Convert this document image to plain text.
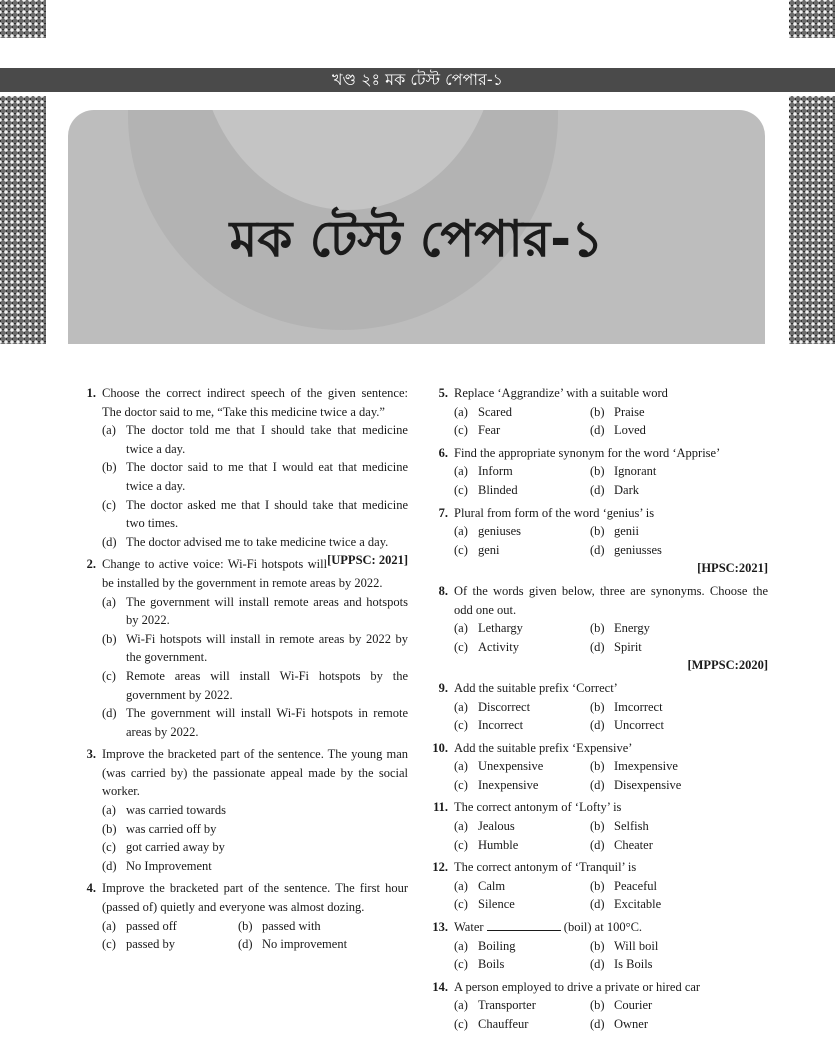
খণ্ড ২ঃ মক টেস্ট পেপার-১
মক টেস্ট পেপার-১
1. Choose the correct indirect speech of the given sentence: The doctor said to me, “Take this medicine twice a day.”
(a) The doctor told me that I should take that medicine twice a day.
(b) The doctor said to me that I would eat that medicine twice a day.
(c) The doctor asked me that I should take that medicine two times.
(d) The doctor advised me to take medicine twice a day.
[UPPSC: 2021]
2. Change to active voice: Wi-Fi hotspots will be installed by the government in remote areas by 2022.
(a) The government will install remote areas and hotspots by 2022.
(b) Wi-Fi hotspots will install in remote areas by 2022 by the government.
(c) Remote areas will install Wi-Fi hotspots by the government by 2022.
(d) The government will install Wi-Fi hotspots in remote areas by 2022.
3. Improve the bracketed part of the sentence. The young man (was carried by) the passionate appeal made by the social worker.
(a) was carried towards
(b) was carried off by
(c) got carried away by
(d) No Improvement
4. Improve the bracketed part of the sentence. The first hour (passed of) quietly and everyone was almost dozing.
(a) passed off	(b) passed with
(c) passed by	(d) No improvement
5. Replace ‘Aggrandize’ with a suitable word
(a) Scared	(b) Praise
(c) Fear	(d) Loved
6. Find the appropriate synonym for the word ‘Apprise’
(a) Inform	(b) Ignorant
(c) Blinded	(d) Dark
7. Plural from form of the word ‘genius’ is
(a) geniuses	(b) genii
(c) geni	(d) geniusses
[HPSC:2021]
8. Of the words given below, three are synonyms. Choose the odd one out.
(a) Lethargy	(b) Energy
(c) Activity	(d) Spirit
[MPPSC:2020]
9. Add the suitable prefix ‘Correct’
(a) Discorrect	(b) Imcorrect
(c) Incorrect	(d) Uncorrect
10. Add the suitable prefix ‘Expensive’
(a) Unexpensive	(b) Imexpensive
(c) Inexpensive	(d) Disexpensive
11. The correct antonym of ‘Lofty’ is
(a) Jealous	(b) Selfish
(c) Humble	(d) Cheater
12. The correct antonym of ‘Tranquil’ is
(a) Calm	(b) Peaceful
(c) Silence	(d) Excitable
13. Water	(boil) at 100°C.
(a) Boiling	(b) Will boil
(c) Boils	(d) Is Boils
14. A person employed to drive a private or hired car
(a) Transporter	(b) Courier
(c) Chauffeur	(d) Owner
